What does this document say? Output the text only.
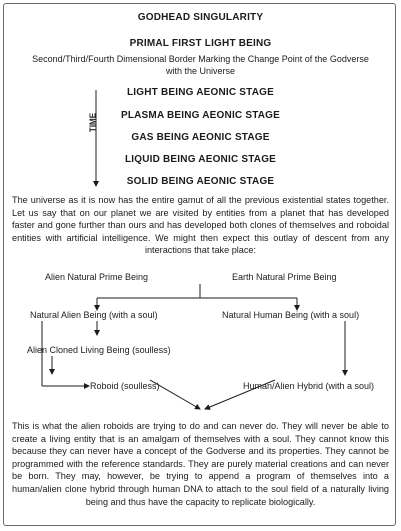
GODHEAD SINGULARITY
PRIMAL FIRST LIGHT BEING
Second/Third/Fourth Dimensional Border Marking the Change Point of the Godverse with the Universe
TIME
LIGHT BEING AEONIC STAGE
PLASMA BEING AEONIC STAGE
GAS BEING AEONIC STAGE
LIQUID BEING AEONIC STAGE
SOLID BEING AEONIC STAGE
The universe as it is now has the entire gamut of all the previous existential states together. Let us say that on our planet we are visited by entities from a planet that has developed faster and gone further than ours and has developed both clones of themselves and roboidal entities with artificial intelligence. We might then expect this outlay of descent from any interactions that take place:
Alien Natural Prime Being	Earth Natural Prime Being
Natural Alien Being (with a soul)	Natural Human Being (with a soul)
Alien Cloned Living Being (soulless)
Roboid (soulless)	Human/Alien Hybrid (with a soul)
This is what the alien roboids are trying to do and can never do. They will never be able to create a living entity that is an amalgam of themselves with a soul. They cannot know this because they can never have a concept of the Godverse and its properties. They cannot be programmed with the reference standards. They are purely material creations and can never be born. They may, however, be trying to append a program of themselves into a human/alien clone hybrid through human DNA to attach to the soul field of a naturally living being and thus have the capacity to replicate biologically.
